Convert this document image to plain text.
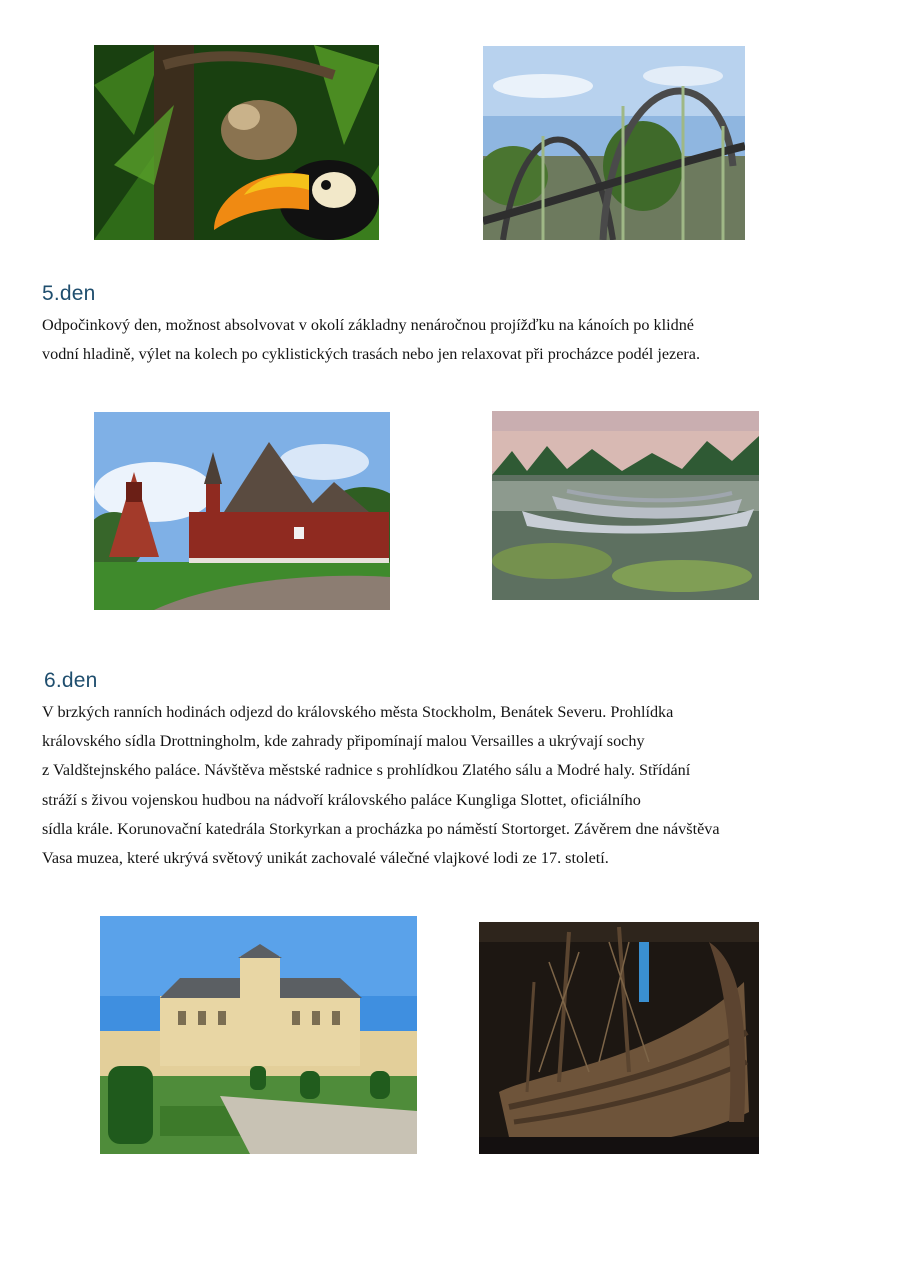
5.den
Odpočinkový den, možnost absolvovat v okolí základny nenáročnou projížďku na kánoích po klidné
vodní hladině, výlet na kolech po cyklistických trasách nebo jen relaxovat při procházce podél jezera.
6.den
V brzkých ranních hodinách odjezd do královského města Stockholm, Benátek Severu. Prohlídka
královského sídla Drottningholm, kde zahrady připomínají malou Versailles a ukrývají sochy
z Valdštejnského paláce. Návštěva městské radnice s prohlídkou Zlatého sálu a Modré haly. Střídání
stráží s živou vojenskou hudbou na nádvoří královského paláce Kungliga Slottet, oficiálního
sídla krále. Korunovační katedrála Storkyrkan a procházka po náměstí Stortorget. Závěrem dne návštěva
Vasa muzea, které ukrývá světový unikát zachovalé válečné vlajkové lodi ze 17. století.
